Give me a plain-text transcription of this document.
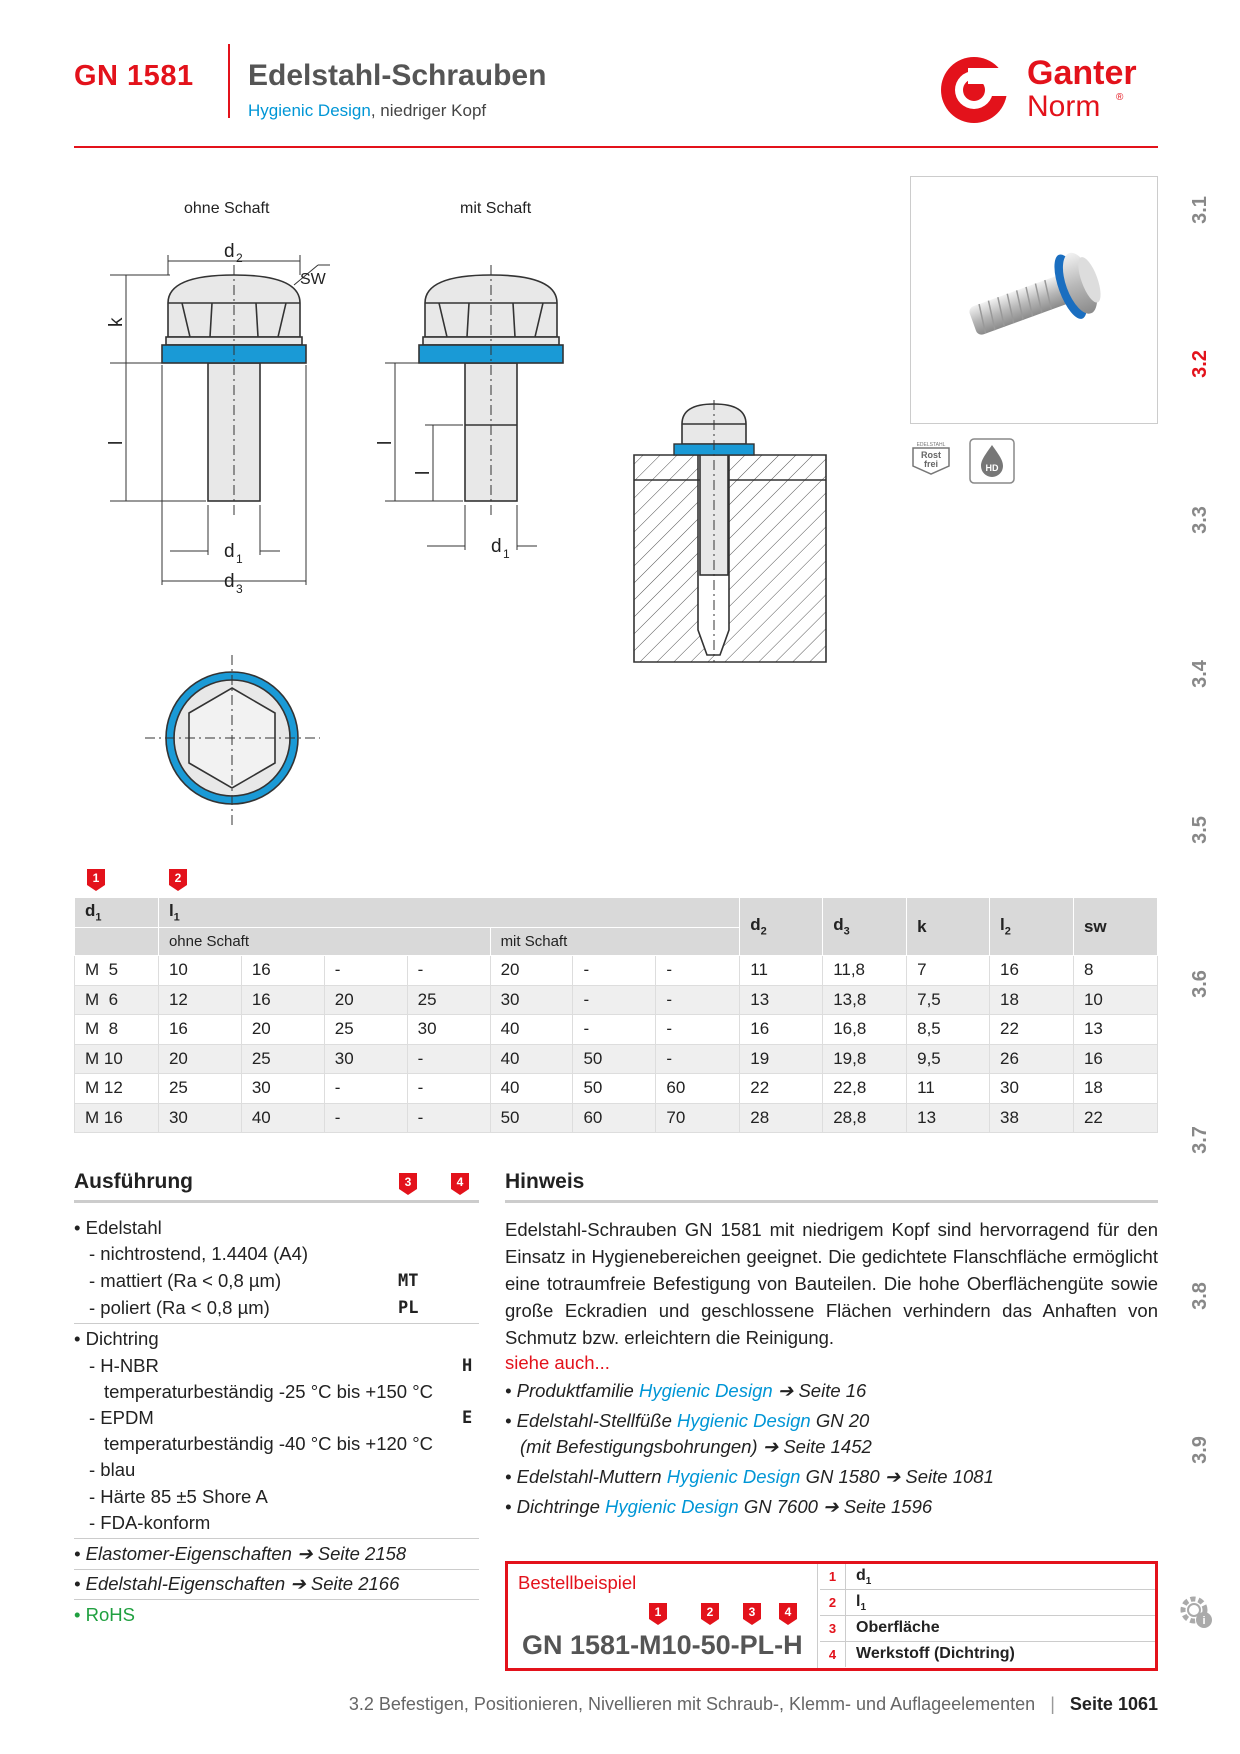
GN 1581 Edelstahl-Schrauben
Hygienic Design, niedriger Kopf
Ganter
Norm ®
3.1
3.2
3.3
3.4
3.5
3.6
3.7
3.8
3.9
i
ohne Schaft	mit Schaft
d 2
SW
k
l
d 1
d 3
l
l
d 1
EDELSTAHL
Rost
frei	HD
1	2
$d_1$	$l_1$							$d_2$	$d_3$	k	$l_2$	sw
	ohne Schaft				mit Schaft							
M  5	10	16	-	-	20	-	-	11	11,8	7	16	8
M  6	12	16	20	25	30	-	-	13	13,8	7,5	18	10
M  8	16	20	25	30	40	-	-	16	16,8	8,5	22	13
M 10	20	25	30	-	40	50	-	19	19,8	9,5	26	16
M 12	25	30	-	-	40	50	60	22	22,8	11	30	18
M 16	30	40	-	-	50	60	70	28	28,8	13	38	22
Ausführung	3	4
• Edelstahl
- nichtrostend, 1.4404 (A4)
- mattiert (Ra < 0,8 µm)	MT
- poliert (Ra < 0,8 µm)	PL
• Dichtring
- H-NBR	H
temperaturbeständig -25 °C bis +150 °C
- EPDM	E
temperaturbeständig -40 °C bis +120 °C
- blau
- Härte 85 ±5 Shore A
- FDA-konform
• Elastomer-Eigenschaften ➔ Seite 2158
• Edelstahl-Eigenschaften ➔ Seite 2166
• RoHS
Hinweis
Edelstahl-Schrauben GN 1581 mit niedrigem Kopf sind hervorragend für den Einsatz in Hygienebereichen geeignet. Die gedichtete Flanschfläche ermöglicht eine totraumfreie Befestigung von Bauteilen. Die hohe Oberflächengüte sowie große Eckradien und geschlossene Flächen verhindern das Anhaften von Schmutz bzw. erleichtern die Reinigung.
siehe auch...
• Produktfamilie Hygienic Design ➔ Seite 16
• Edelstahl-Stellfüße Hygienic Design GN 20
(mit Befestigungsbohrungen) ➔ Seite 1452
• Edelstahl-Muttern Hygienic Design GN 1580 ➔ Seite 1081
• Dichtringe Hygienic Design GN 7600 ➔ Seite 1596
Bestellbeispiel
1	2	3 4
GN 1581-M10-50-PL-H
1	$d_1$
2	$l_1$
3	Oberfläche
4	Werkstoff (Dichtring)
3.2 Befestigen, Positionieren, Nivellieren mit Schraub-, Klemm- und Auflageelementen | Seite 1061
